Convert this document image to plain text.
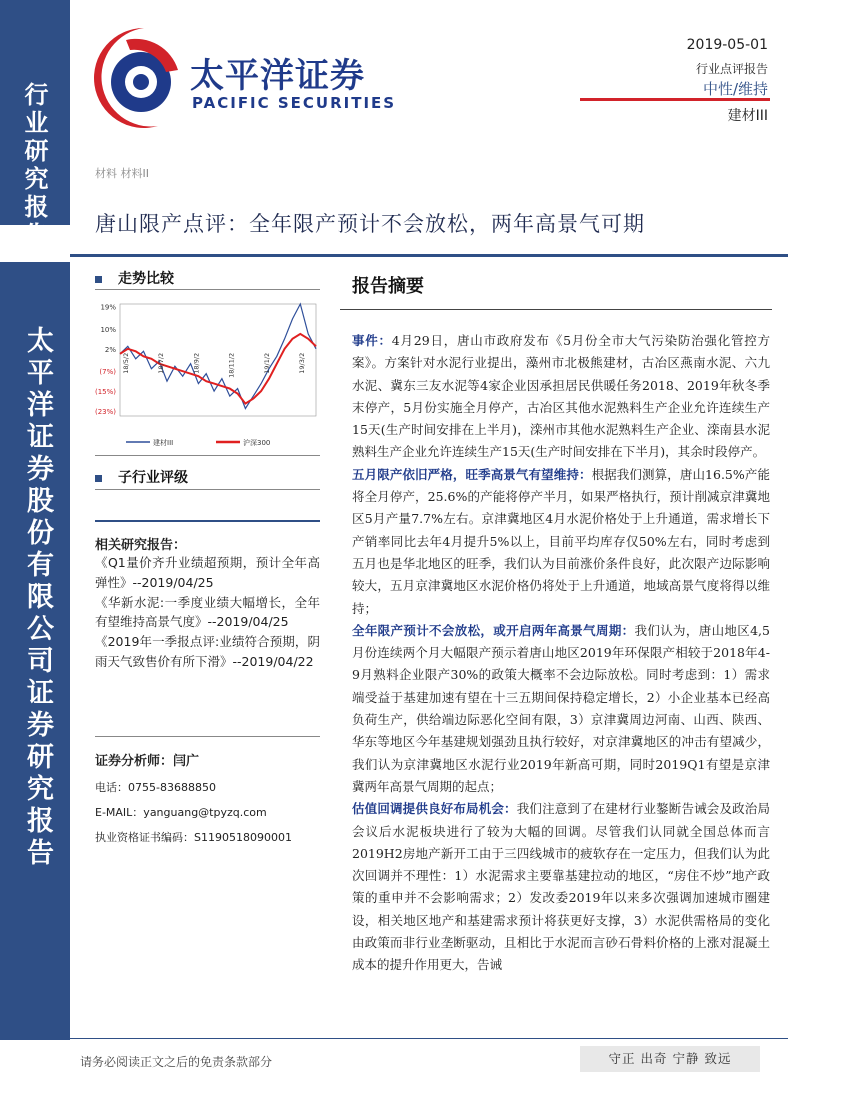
行业研究报告
太平洋证券股份有限公司证券研究报告
太平洋证券
PACIFIC SECURITIES
2019-05-01
行业点评报告
中性/维持
建材III
材料 材料II
唐山限产点评：全年限产预计不会放松，两年高景气可期
走势比较
19%
10%
2%
(7%)
(15%)
(23%)
18/5/2	18/7/2	18/9/2	18/11/2	19/1/2	19/3/2
建材III	沪深300
子行业评级
相关研究报告：
《Q1量价齐升业绩超预期，预计全年高弹性》--2019/04/25
《华新水泥:一季度业绩大幅增长，全年有望维持高景气度》--2019/04/25
《2019年一季报点评:业绩符合预期，阴雨天气致售价有所下滑》--2019/04/22
证券分析师：闫广
电话：0755-83688850
E-MAIL：yanguang@tpyzq.com
执业资格证书编码：S1190518090001
报告摘要

事件：4月29日，唐山市政府发布《5月份全市大气污染防治强化管控方案》。方案针对水泥行业提出，藻州市北极熊建材，古冶区燕南水泥、六九水泥、冀东三友水泥等4家企业因承担居民供暖任务2018、2019年秋冬季末停产，5月份实施全月停产，古冶区其他水泥熟料生产企业允许连续生产15天(生产时间安排在上半月)，滦州市其他水泥熟料生产企业、滦南县水泥熟料生产企业允许连续生产15天(生产时间安排在下半月)，其余时段停产。

五月限产依旧严格，旺季高景气有望维持：根据我们测算，唐山16.5%产能将全月停产，25.6%的产能将停产半月，如果严格执行，预计削减京津冀地区5月产量7.7%左右。京津冀地区4月水泥价格处于上升通道，需求增长下产销率同比去年4月提升5%以上，目前平均库存仅50%左右，同时考虑到五月也是华北地区的旺季，我们认为目前涨价条件良好，此次限产边际影响较大，五月京津冀地区水泥价格仍将处于上升通道，地域高景气度将得以维持；

全年限产预计不会放松，或开启两年高景气周期：我们认为，唐山地区4,5月份连续两个月大幅限产预示着唐山地区2019年环保限产相较于2018年4-9月熟料企业限产30%的政策大概率不会边际放松。同时考虑到：1）需求端受益于基建加速有望在十三五期间保持稳定增长，2）小企业基本已经高负荷生产，供给端边际恶化空间有限，3）京津冀周边河南、山西、陕西、华东等地区今年基建规划强劲且执行较好，对京津冀地区的冲击有望减少，我们认为京津冀地区水泥行业2019年新高可期，同时2019Q1有望是京津冀两年高景气周期的起点；

估值回调提供良好布局机会：我们注意到了在建材行业鏊断告诫会及政治局会议后水泥板块进行了较为大幅的回调。尽管我们认同就全国总体而言2019H2房地产新开工由于三四线城市的疲软存在一定压力，但我们认为此次回调并不理性：1）水泥需求主要靠基建拉动的地区，“房住不炒”地产政策的重申并不会影响需求；2）发改委2019年以来多次强调加速城市圈建设，相关地区地产和基建需求预计将获更好支撑，3）水泥供需格局的变化由政策而非行业垄断驱动，且相比于水泥而言砂石骨料价格的上涨对混凝土成本的提升作用更大，告诫

请务必阅读正文之后的免责条款部分	守正 出奇 宁静 致远
